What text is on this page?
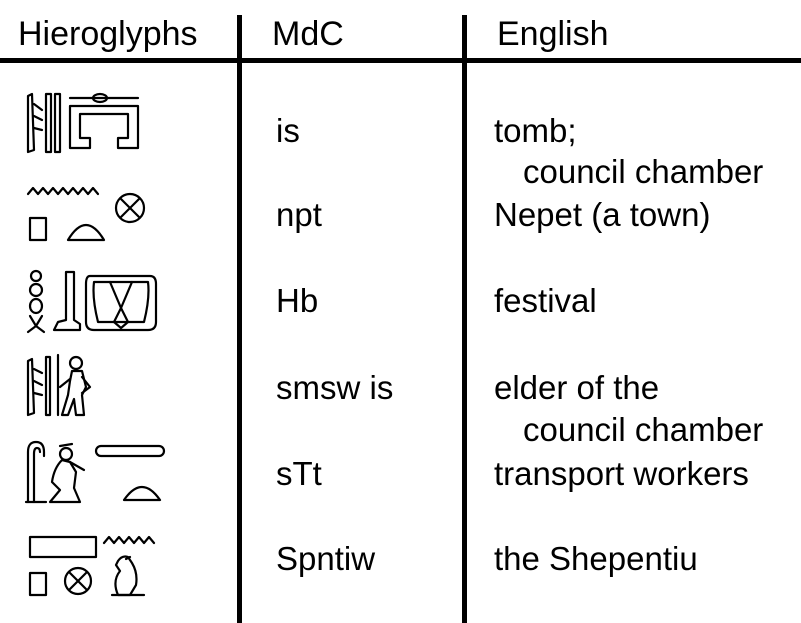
Hieroglyphs MdC	English
is	tomb;
council chamber
npt	Nepet (a town)
Hb	festival
smsw is	elder of the
council chamber
sTt	transport workers
Spntiw	the Shepentiu
